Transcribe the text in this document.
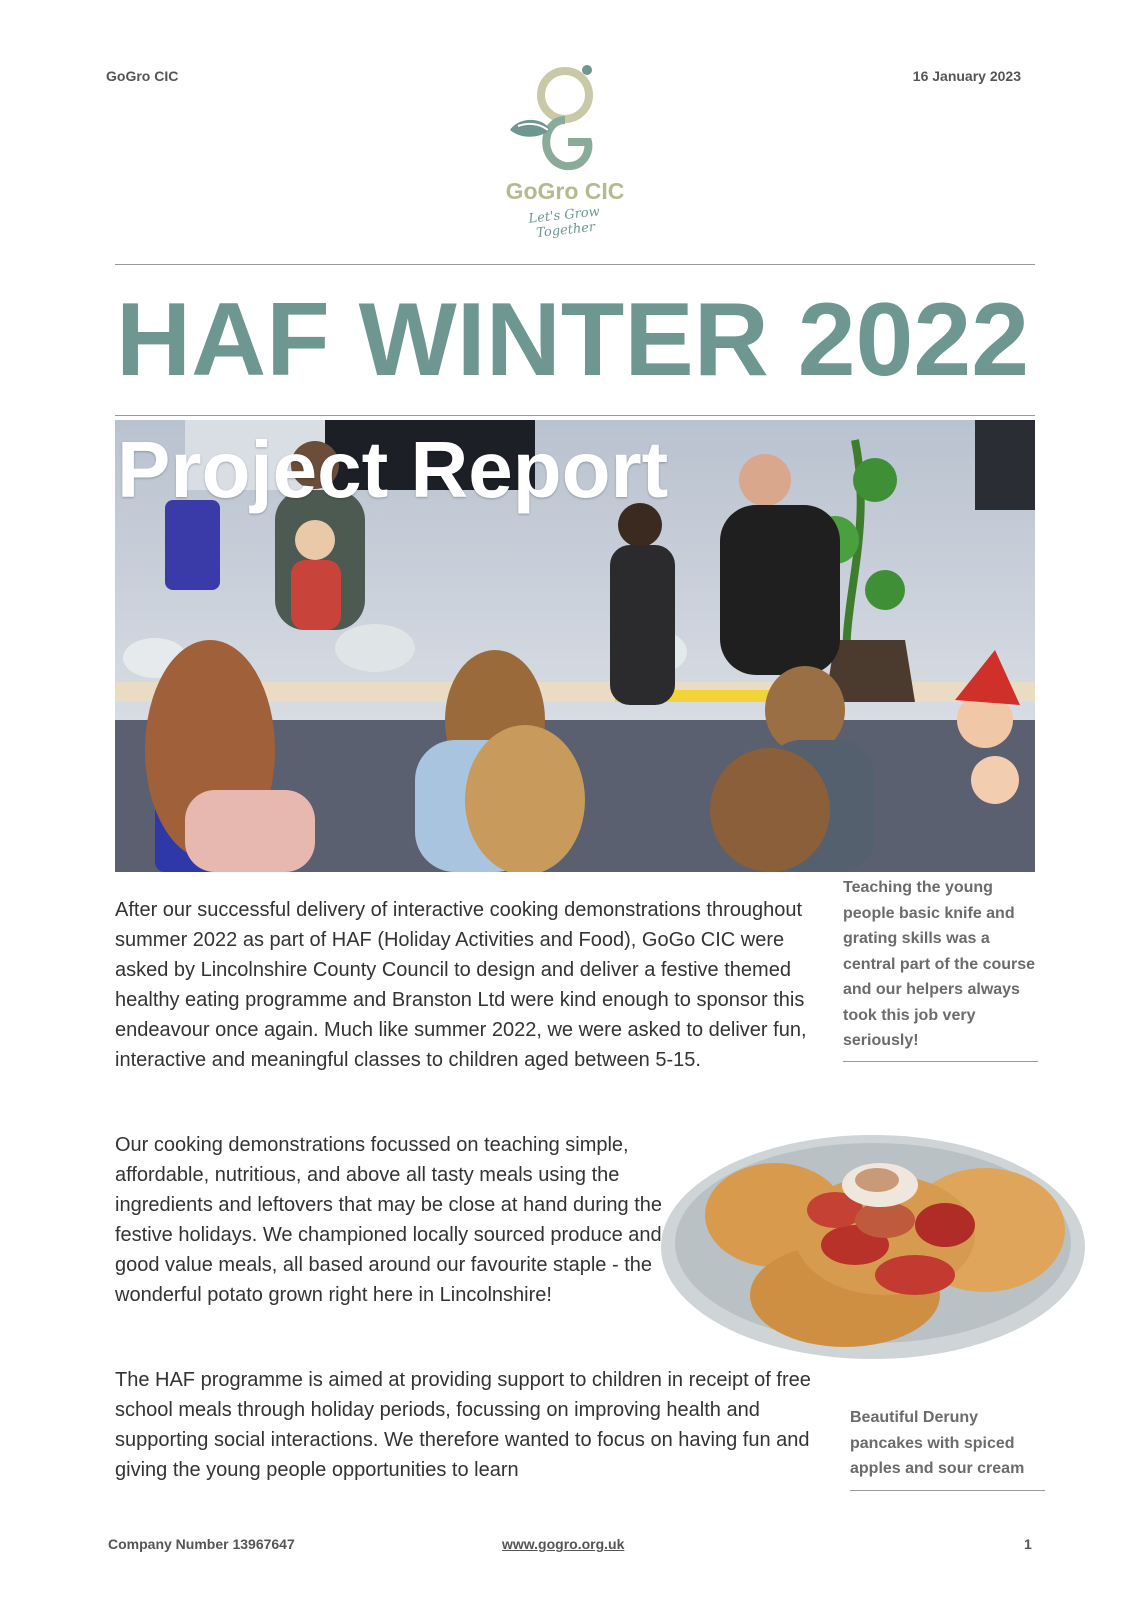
GoGro CIC	16 January 2023
GoGro CIC
Let's Grow Together
HAF WINTER 2022
Project Report
Teaching the young people basic knife and grating skills was a central part of the course and our helpers always took this job very seriously!
After our successful delivery of interactive cooking demonstrations throughout summer 2022 as part of HAF (Holiday Activities and Food), GoGo CIC were asked by Lincolnshire County Council to design and deliver a festive themed healthy eating programme and Branston Ltd were kind enough to sponsor this endeavour once again. Much like summer 2022, we were asked to deliver fun, interactive and meaningful classes to children aged between 5-15.
Our cooking demonstrations focussed on teaching simple, affordable, nutritious, and above all tasty meals using the ingredients and leftovers that may be close at hand during the festive holidays. We championed locally sourced produce and good value meals, all based around our favourite staple - the wonderful potato grown right here in Lincolnshire!
Beautiful Deruny pancakes with spiced apples and sour cream
The HAF programme is aimed at providing support to children in receipt of free school meals through holiday periods, focussing on improving health and supporting social interactions. We therefore wanted to focus on having fun and giving the young people opportunities to learn
Company Number 13967647	www.gogro.org.uk	1
